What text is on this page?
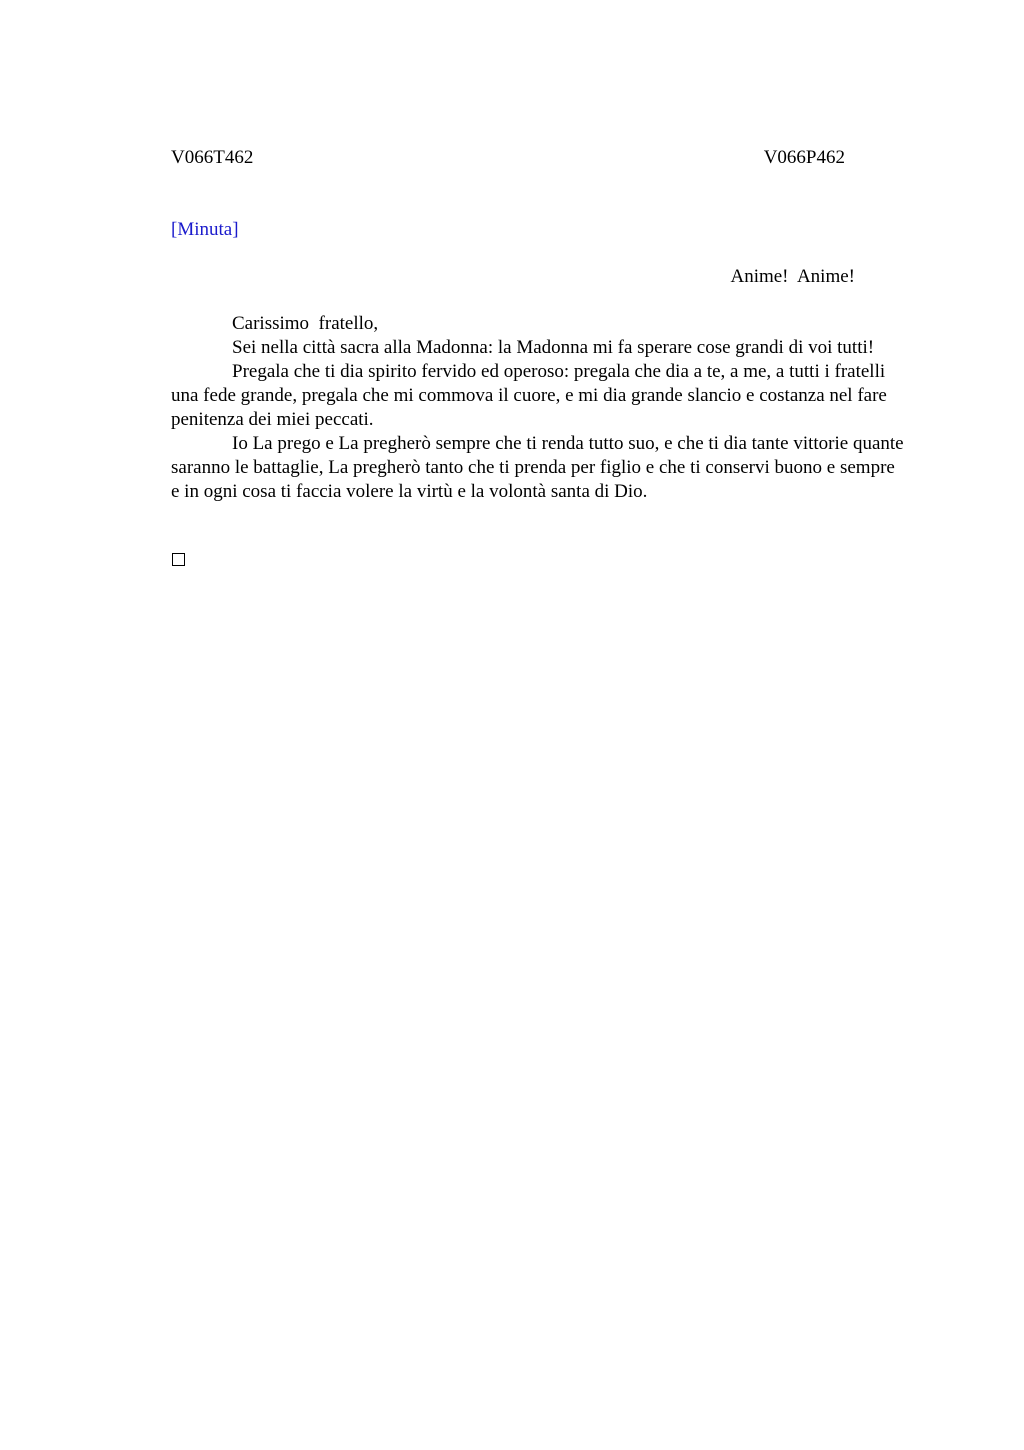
V066T462	V066P462
[Minuta]
Anime!  Anime!

Carissimo  fratello,

Sei nella città sacra alla Madonna: la Madonna mi fa sperare cose grandi di voi tutti!

Pregala che ti dia spirito fervido ed operoso: pregala che dia a te, a me, a tutti i fratelli una fede grande, pregala che mi commova il cuore, e mi dia grande slancio e costanza nel fare penitenza dei miei peccati.

Io La prego e La pregherò sempre che ti renda tutto suo, e che ti dia tante vittorie quante saranno le battaglie, La pregherò tanto che ti prenda per figlio e che ti conservi buono e sempre e in ogni cosa ti faccia volere la virtù e la volontà santa di Dio.
